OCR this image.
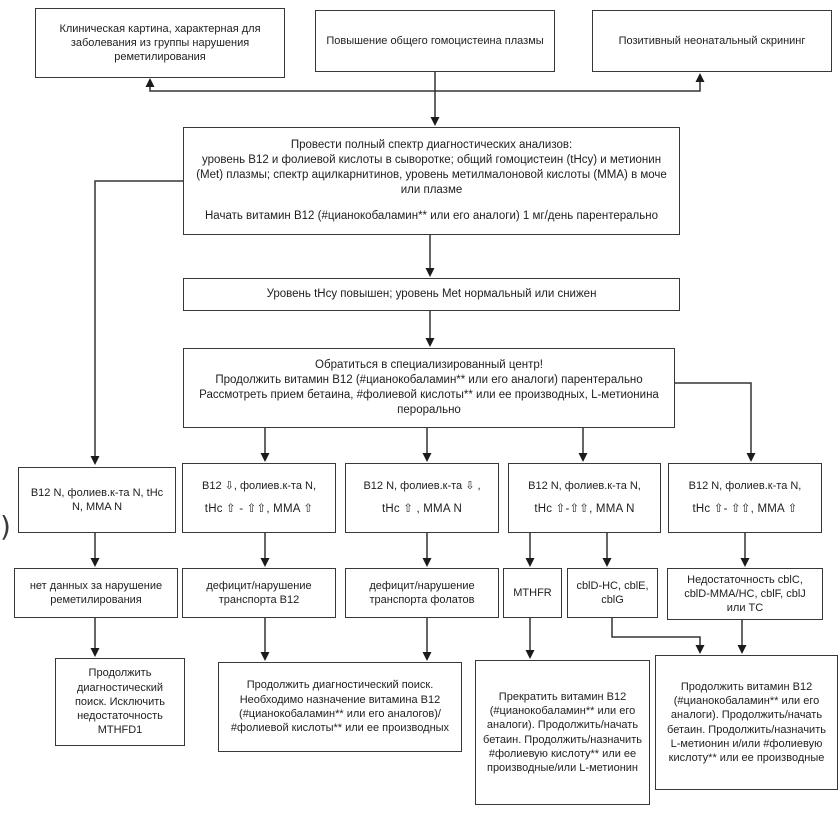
)
Клиническая картина, характерная для заболевания из группы нарушения реметилирования
Повышение общего гомоцистеина плазмы	Позитивный неонатальный скрининг
Провести полный спектр диагностических анализов:
уровень В12 и фолиевой кислоты в сыворотке; общий гомоцистеин (tHcy) и метионин (Met) плазмы; спектр ацилкарнитинов, уровень метилмалоновой кислоты (ММА) в моче или плазме
Начать витамин В12 (#цианокобаламин** или его аналоги) 1 мг/день парентерально
Уровень tHcy повышен; уровень Met нормальный или снижен
Обратиться в специализированный центр!
Продолжить витамин В12 (#цианокобаламин** или его аналоги) парентерально
Рассмотреть прием бетаина, #фолиевой кислоты** или ее производных, L-метионина перорально
В12 N, фолиев.к-та N, tHc N, MMA N
В12 ⇩, фолиев.к-та N,
tHc ⇧ - ⇧⇧, MMA ⇧
В12 N, фолиев.к-та ⇩ ,
tHc ⇧ , MMA N
В12 N, фолиев.к-та N,
tHc ⇧-⇧⇧, MMA N
В12 N, фолиев.к-та N,
tHc ⇧- ⇧⇧, MMA ⇧
нет данных за нарушение реметилирования
дефицит/нарушение транспорта В12
дефицит/нарушение транспорта фолатов
MTHFR
cblD-HC, cblE, cblG
Недостаточность cblC, cblD-MMA/HC, cblF, cblJ или TC
Продолжить диагностический поиск. Исключить недостаточность MTHFD1
Продолжить диагностический поиск. Необходимо назначение витамина В12 (#цианокобаламин** или его аналогов)/ #фолиевой кислоты** или ее производных
Прекратить витамин В12 (#цианокобаламин** или его аналоги). Продолжить/начать бетаин. Продолжить/назначить #фолиевую кислоту** или ее производные/или L-метионин
Продолжить витамин В12 (#цианокобаламин** или его аналоги). Продолжить/начать бетаин. Продолжить/назначить L-метионин и/или #фолиевую кислоту** или ее производные
